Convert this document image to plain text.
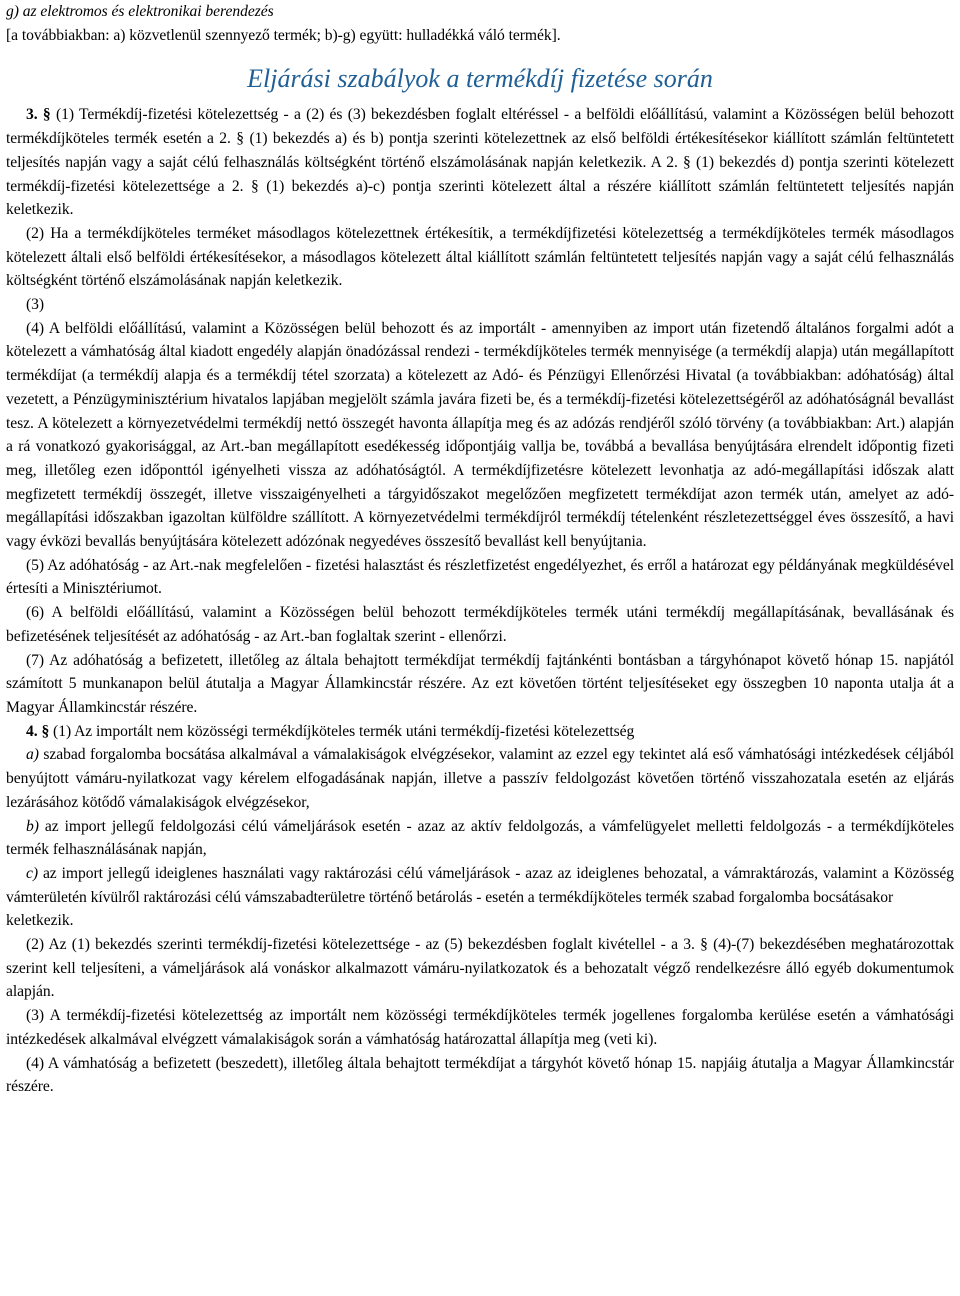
g) az elektromos és elektronikai berendezés

[a továbbiakban: a) közvetlenül szennyező termék; b)-g) együtt: hulladékká váló termék].

Eljárási szabályok a termékdíj fizetése során

3. § (1) Termékdíj-fizetési kötelezettség - a (2) és (3) bekezdésben foglalt eltéréssel - a belföldi előállítású, valamint a Közösségen belül behozott termékdíjköteles termék esetén a 2. § (1) bekezdés a) és b) pontja szerinti kötelezettnek az első belföldi értékesítésekor kiállított számlán feltüntetett teljesítés napján vagy a saját célú felhasználás költségként történő elszámolásának napján keletkezik. A 2. § (1) bekezdés d) pontja szerinti kötelezett termékdíj-fizetési kötelezettsége a 2. § (1) bekezdés a)-c) pontja szerinti kötelezett által a részére kiállított számlán feltüntetett teljesítés napján keletkezik.

(2) Ha a termékdíjköteles terméket másodlagos kötelezettnek értékesítik, a termékdíjfizetési kötelezettség a termékdíjköteles termék másodlagos kötelezett általi első belföldi értékesítésekor, a másodlagos kötelezett által kiállított számlán feltüntetett teljesítés napján vagy a saját célú felhasználás költségként történő elszámolásának napján keletkezik.

(3)

(4) A belföldi előállítású, valamint a Közösségen belül behozott és az importált - amennyiben az import után fizetendő általános forgalmi adót a kötelezett a vámhatóság által kiadott engedély alapján önadózással rendezi - termékdíjköteles termék mennyisége (a termékdíj alapja) után megállapított termékdíjat (a termékdíj alapja és a termékdíj tétel szorzata) a kötelezett az Adó- és Pénzügyi Ellenőrzési Hivatal (a továbbiakban: adóhatóság) által vezetett, a Pénzügyminisztérium hivatalos lapjában megjelölt számla javára fizeti be, és a termékdíj-fizetési kötelezettségéről az adóhatóságnál bevallást tesz. A kötelezett a környezetvédelmi termékdíj nettó összegét havonta állapítja meg és az adózás rendjéről szóló törvény (a továbbiakban: Art.) alapján a rá vonatkozó gyakorisággal, az Art.-ban megállapított esedékesség időpontjáig vallja be, továbbá a bevallása benyújtására elrendelt időpontig fizeti meg, illetőleg ezen időponttól igényelheti vissza az adóhatóságtól. A termékdíjfizetésre kötelezett levonhatja az adó-megállapítási időszak alatt megfizetett termékdíj összegét, illetve visszaigényelheti a tárgyidőszakot megelőzően megfizetett termékdíjat azon termék után, amelyet az adó-megállapítási időszakban igazoltan külföldre szállított. A környezetvédelmi termékdíjról termékdíj tételenként részletezettséggel éves összesítő, a havi vagy évközi bevallás benyújtására kötelezett adózónak negyedéves összesítő bevallást kell benyújtania.

(5) Az adóhatóság - az Art.-nak megfelelően - fizetési halasztást és részletfizetést engedélyezhet, és erről a határozat egy példányának megküldésével értesíti a Minisztériumot.

(6) A belföldi előállítású, valamint a Közösségen belül behozott termékdíjköteles termék utáni termékdíj megállapításának, bevallásának és befizetésének teljesítését az adóhatóság - az Art.-ban foglaltak szerint - ellenőrzi.

(7) Az adóhatóság a befizetett, illetőleg az általa behajtott termékdíjat termékdíj fajtánkénti bontásban a tárgyhónapot követő hónap 15. napjától számított 5 munkanapon belül átutalja a Magyar Államkincstár részére. Az ezt követően történt teljesítéseket egy összegben 10 naponta utalja át a Magyar Államkincstár részére.

4. § (1) Az importált nem közösségi termékdíjköteles termék utáni termékdíj-fizetési kötelezettség

a) szabad forgalomba bocsátása alkalmával a vámalakiságok elvégzésekor, valamint az ezzel egy tekintet alá eső vámhatósági intézkedések céljából benyújtott vámáru-nyilatkozat vagy kérelem elfogadásának napján, illetve a passzív feldolgozást követően történő visszahozatala esetén az eljárás lezárásához kötődő vámalakiságok elvégzésekor,

b) az import jellegű feldolgozási célú vámeljárások esetén - azaz az aktív feldolgozás, a vámfelügyelet melletti feldolgozás - a termékdíjköteles termék felhasználásának napján,

c) az import jellegű ideiglenes használati vagy raktározási célú vámeljárások - azaz az ideiglenes behozatal, a vámraktározás, valamint a Közösség vámterületén kívülről raktározási célú vámszabadterületre történő betárolás - esetén a termékdíjköteles termék szabad forgalomba bocsátásakor

keletkezik.

(2) Az (1) bekezdés szerinti termékdíj-fizetési kötelezettsége - az (5) bekezdésben foglalt kivétellel - a 3. § (4)-(7) bekezdésében meghatározottak szerint kell teljesíteni, a vámeljárások alá vonáskor alkalmazott vámáru-nyilatkozatok és a behozatalt végző rendelkezésre álló egyéb dokumentumok alapján.

(3) A termékdíj-fizetési kötelezettség az importált nem közösségi termékdíjköteles termék jogellenes forgalomba kerülése esetén a vámhatósági intézkedések alkalmával elvégzett vámalakiságok során a vámhatóság határozattal állapítja meg (veti ki).

(4) A vámhatóság a befizetett (beszedett), illetőleg általa behajtott termékdíjat a tárgyhót követő hónap 15. napjáig átutalja a Magyar Államkincstár részére.
